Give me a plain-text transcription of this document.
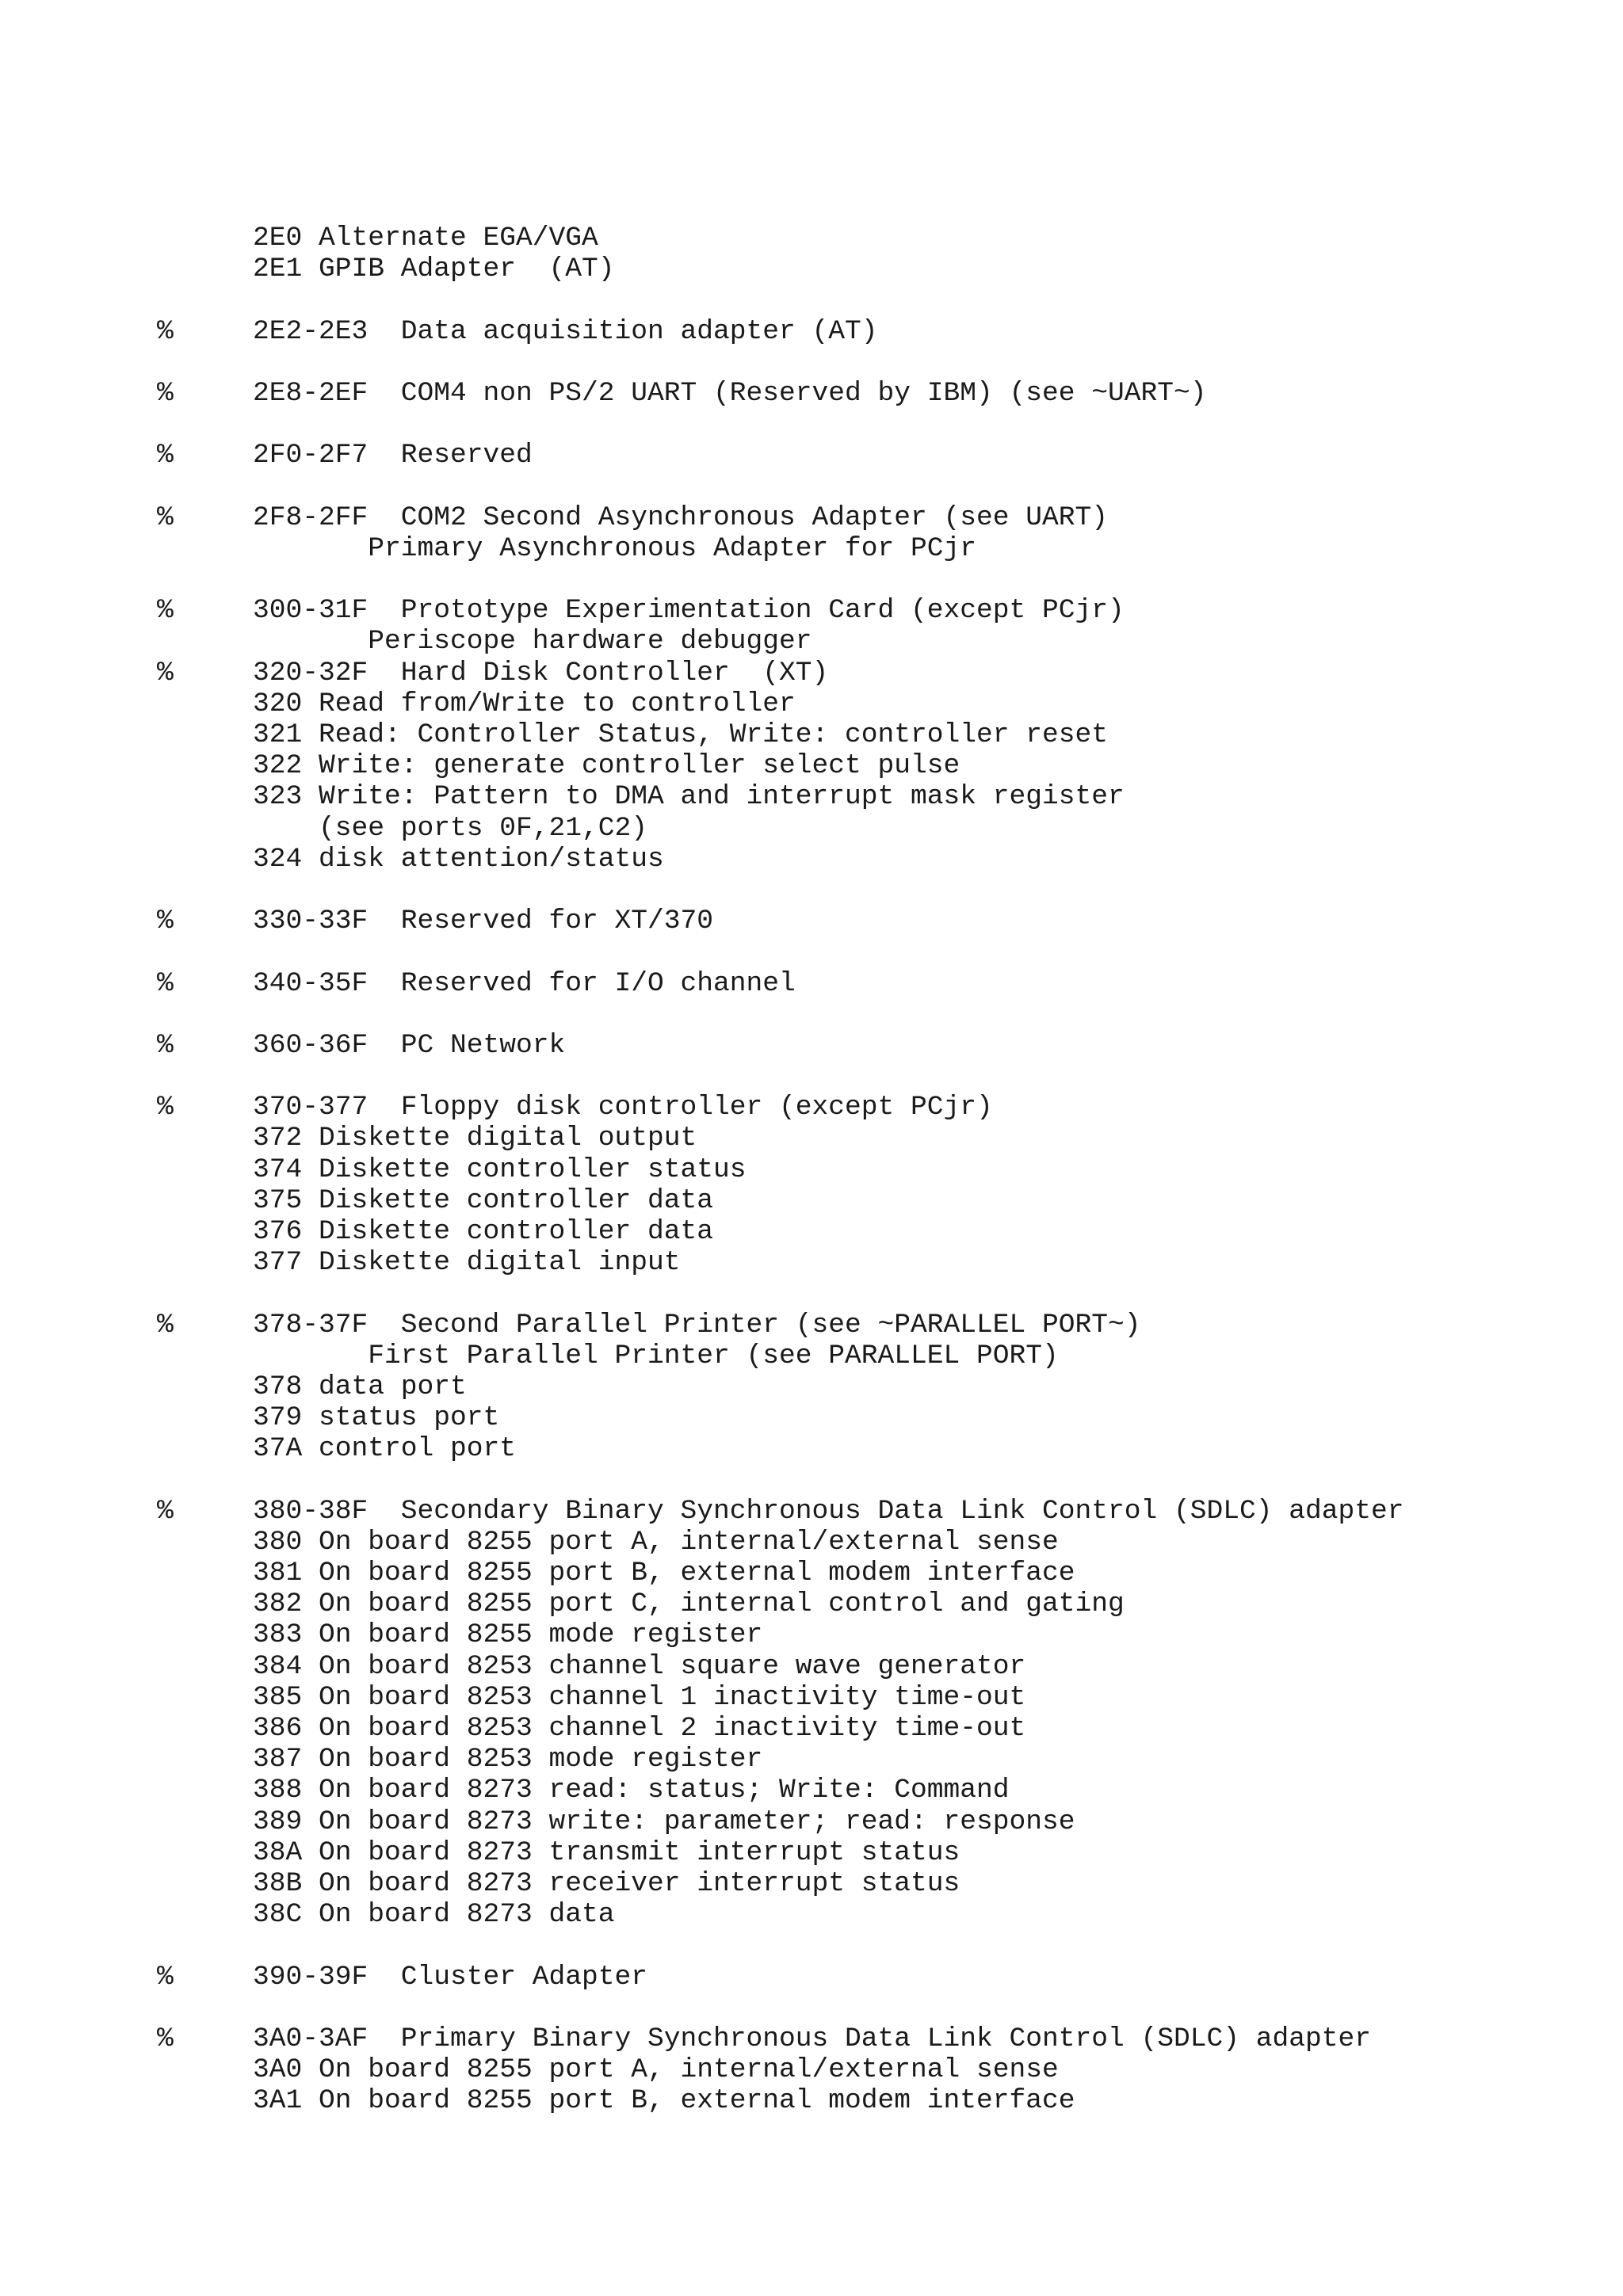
2E0 Alternate EGA/VGA
2E1 GPIB Adapter  (AT)
%	2E2-2E3  Data acquisition adapter (AT)
%	2E8-2EF  COM4 non PS/2 UART (Reserved by IBM) (see ~UART~)
%	2F0-2F7  Reserved
%	2F8-2FF  COM2 Second Asynchronous Adapter (see UART)
Primary Asynchronous Adapter for PCjr
%	300-31F  Prototype Experimentation Card (except PCjr)
Periscope hardware debugger
%	320-32F  Hard Disk Controller  (XT)
320 Read from/Write to controller
321 Read: Controller Status, Write: controller reset
322 Write: generate controller select pulse
323 Write: Pattern to DMA and interrupt mask register
(see ports 0F,21,C2)
324 disk attention/status
%	330-33F  Reserved for XT/370
%	340-35F  Reserved for I/O channel
%	360-36F  PC Network
%	370-377  Floppy disk controller (except PCjr)
372 Diskette digital output
374 Diskette controller status
375 Diskette controller data
376 Diskette controller data
377 Diskette digital input
%	378-37F  Second Parallel Printer (see ~PARALLEL PORT~)
First Parallel Printer (see PARALLEL PORT)
378 data port
379 status port
37A control port
%	380-38F  Secondary Binary Synchronous Data Link Control (SDLC) adapter
380 On board 8255 port A, internal/external sense
381 On board 8255 port B, external modem interface
382 On board 8255 port C, internal control and gating
383 On board 8255 mode register
384 On board 8253 channel square wave generator
385 On board 8253 channel 1 inactivity time-out
386 On board 8253 channel 2 inactivity time-out
387 On board 8253 mode register
388 On board 8273 read: status; Write: Command
389 On board 8273 write: parameter; read: response
38A On board 8273 transmit interrupt status
38B On board 8273 receiver interrupt status
38C On board 8273 data
%	390-39F  Cluster Adapter
%	3A0-3AF  Primary Binary Synchronous Data Link Control (SDLC) adapter
3A0 On board 8255 port A, internal/external sense
3A1 On board 8255 port B, external modem interface
